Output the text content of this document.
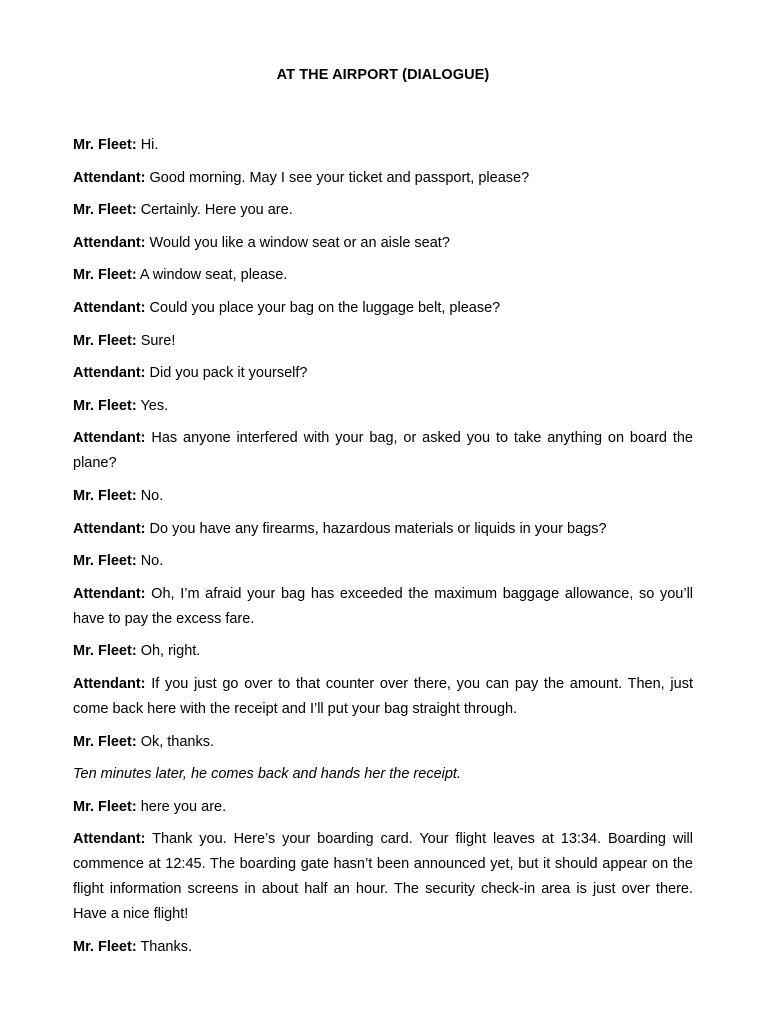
AT THE AIRPORT (DIALOGUE)

Mr. Fleet: Hi.

Attendant: Good morning. May I see your ticket and passport, please?

Mr. Fleet: Certainly. Here you are.

Attendant: Would you like a window seat or an aisle seat?

Mr. Fleet: A window seat, please.

Attendant: Could you place your bag on the luggage belt, please?

Mr. Fleet: Sure!

Attendant: Did you pack it yourself?

Mr. Fleet: Yes.

Attendant: Has anyone interfered with your bag, or asked you to take anything on board the plane?

Mr. Fleet: No.

Attendant: Do you have any firearms, hazardous materials or liquids in your bags?

Mr. Fleet: No.

Attendant: Oh, I’m afraid your bag has exceeded the maximum baggage allowance, so you’ll have to pay the excess fare.

Mr. Fleet: Oh, right.

Attendant: If you just go over to that counter over there, you can pay the amount. Then, just come back here with the receipt and I’ll put your bag straight through.

Mr. Fleet: Ok, thanks.

Ten minutes later, he comes back and hands her the receipt.

Mr. Fleet: here you are.

Attendant: Thank you. Here’s your boarding card. Your flight leaves at 13:34. Boarding will commence at 12:45. The boarding gate hasn’t been announced yet, but it should appear on the flight information screens in about half an hour. The security check-in area is just over there. Have a nice flight!

Mr. Fleet: Thanks.
